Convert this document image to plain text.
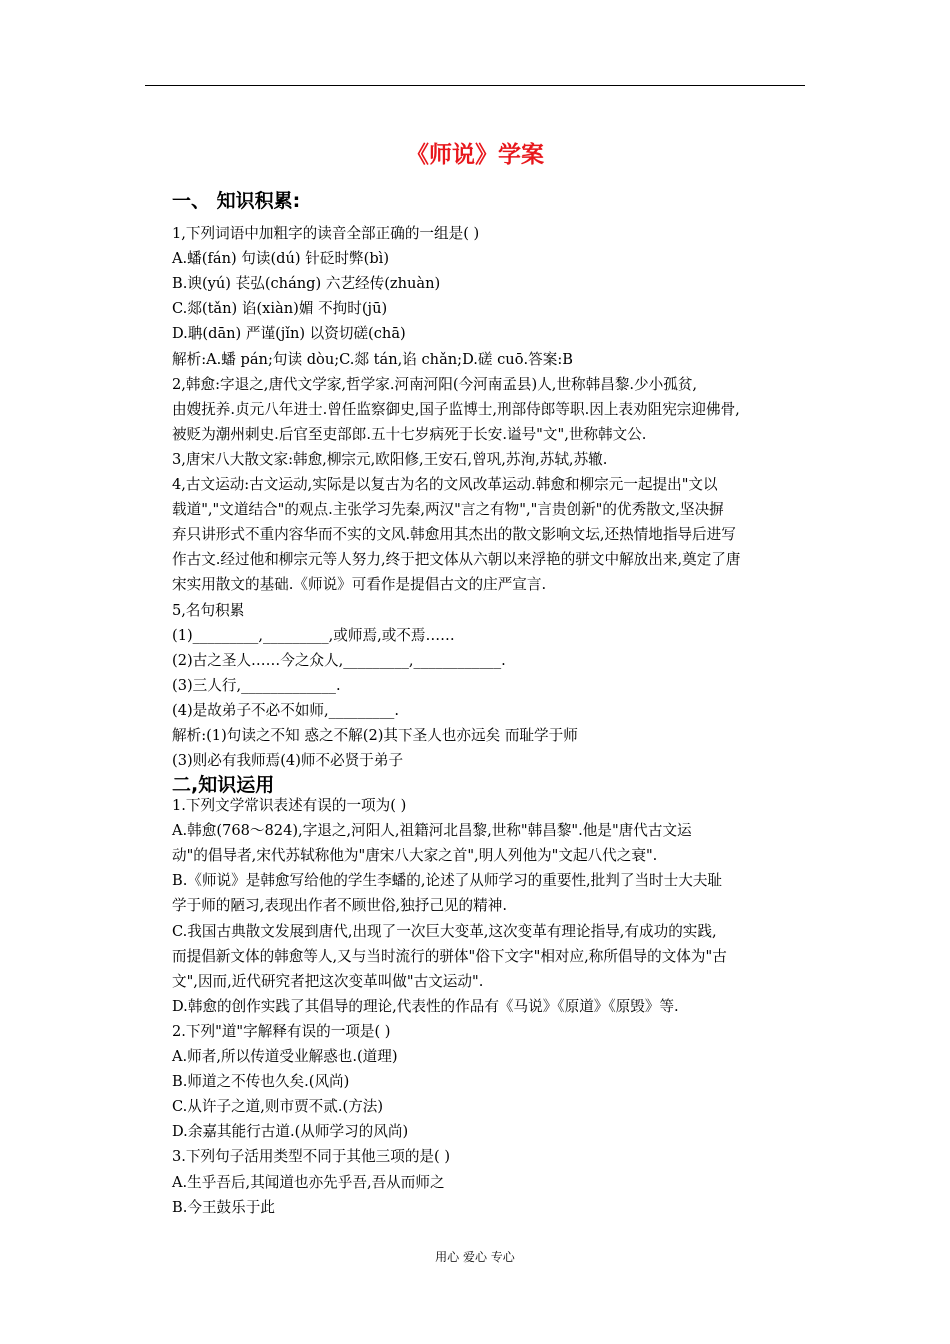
《师说》学案
一、 知识积累:
1,下列词语中加粗字的读音全部正确的一组是( )
A.蟠(fán) 句读(dú) 针砭时弊(bì)
B.谀(yú) 苌弘(cháng) 六艺经传(zhuàn)
C.郯(tǎn) 谄(xiàn)媚 不拘时(jū)
D.聃(dān) 严谨(jǐn) 以资切磋(chā)
解析:A.蟠 pán;句读 dòu;C.郯 tán,谄 chǎn;D.磋 cuō.答案:B
2,韩愈:字退之,唐代文学家,哲学家.河南河阳(今河南孟县)人,世称韩昌黎.少小孤贫,
由嫂抚养.贞元八年进士.曾任监察御史,国子监博士,刑部侍郎等职.因上表劝阻宪宗迎佛骨,
被贬为潮州刺史.后官至吏部郎.五十七岁病死于长安.谥号"文",世称韩文公.
3,唐宋八大散文家:韩愈,柳宗元,欧阳修,王安石,曾巩,苏洵,苏轼,苏辙.
4,古文运动:古文运动,实际是以复古为名的文风改革运动.韩愈和柳宗元一起提出"文以
载道","文道结合"的观点.主张学习先秦,两汉"言之有物","言贵创新"的优秀散文,坚决摒
弃只讲形式不重内容华而不实的文风.韩愈用其杰出的散文影响文坛,还热情地指导后进写
作古文.经过他和柳宗元等人努力,终于把文体从六朝以来浮艳的骈文中解放出来,奠定了唐
宋实用散文的基础.《师说》可看作是提倡古文的庄严宣言.
5,名句积累
(1)_________,_________,或师焉,或不焉……
(2)古之圣人……今之众人,_________,____________.
(3)三人行,_____________.
(4)是故弟子不必不如师,_________.
解析:(1)句读之不知 惑之不解(2)其下圣人也亦远矣 而耻学于师
(3)则必有我师焉(4)师不必贤于弟子
二,知识运用
1.下列文学常识表述有误的一项为( )
A.韩愈(768～824),字退之,河阳人,祖籍河北昌黎,世称"韩昌黎".他是"唐代古文运
动"的倡导者,宋代苏轼称他为"唐宋八大家之首",明人列他为"文起八代之衰".
B.《师说》是韩愈写给他的学生李蟠的,论述了从师学习的重要性,批判了当时士大夫耻
学于师的陋习,表现出作者不顾世俗,独抒己见的精神.
C.我国古典散文发展到唐代,出现了一次巨大变革,这次变革有理论指导,有成功的实践,
而提倡新文体的韩愈等人,又与当时流行的骈体"俗下文字"相对应,称所倡导的文体为"古
文",因而,近代研究者把这次变革叫做"古文运动".
D.韩愈的创作实践了其倡导的理论,代表性的作品有《马说》《原道》《原毁》等.
2.下列"道"字解释有误的一项是( )
A.师者,所以传道受业解惑也.(道理)
B.师道之不传也久矣.(风尚)
C.从许子之道,则市贾不贰.(方法)
D.余嘉其能行古道.(从师学习的风尚)
3.下列句子活用类型不同于其他三项的是( )
A.生乎吾后,其闻道也亦先乎吾,吾从而师之
B.今王鼓乐于此
用心 爱心 专心
